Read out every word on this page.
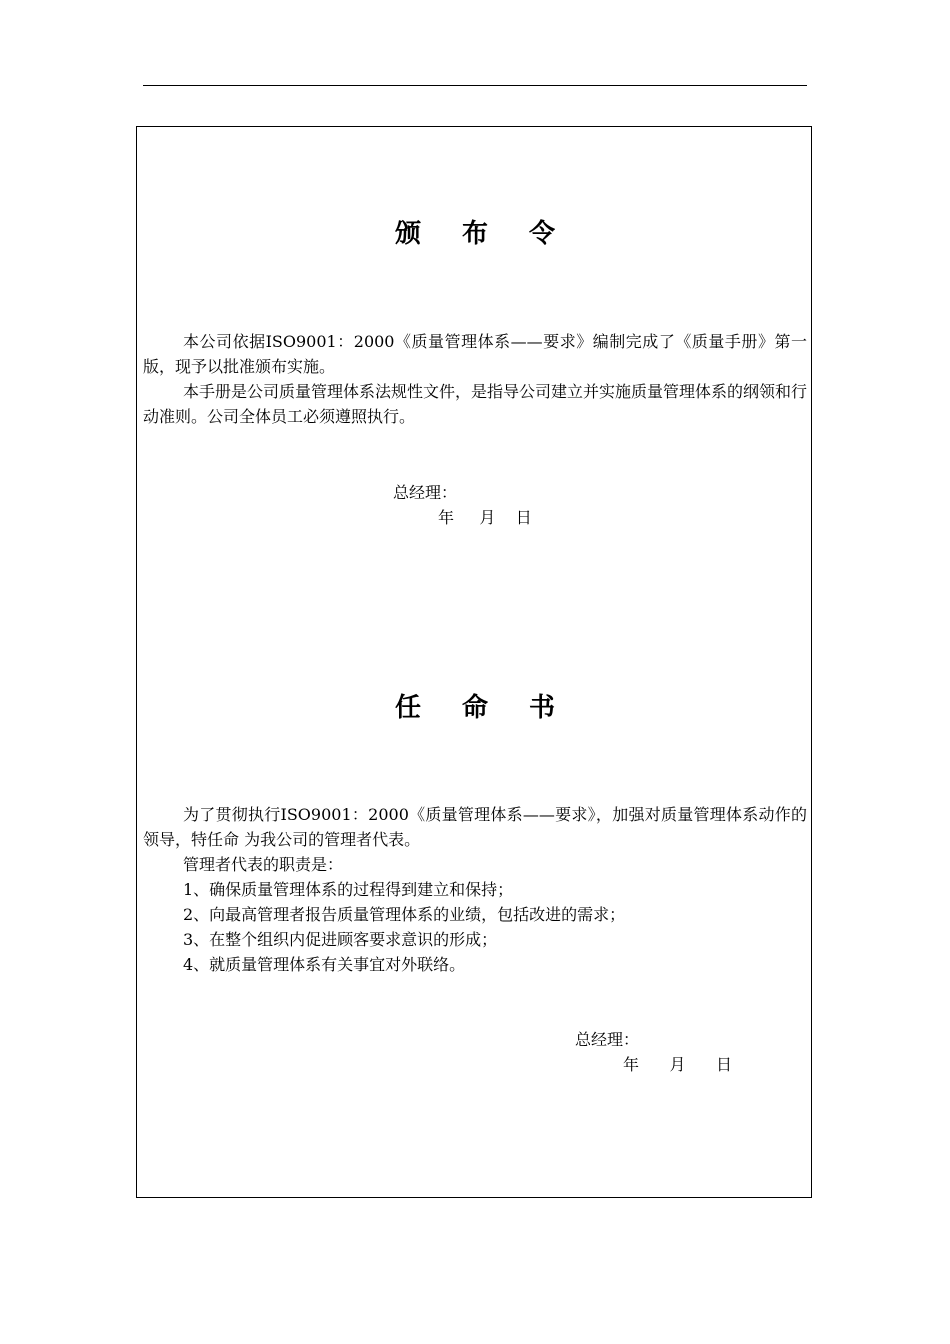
颁 布 令
本公司依据ISO9001：2000《质量管理体系——要求》编制完成了《质量手册》第一版，现予以批准颁布实施。
本手册是公司质量管理体系法规性文件，是指导公司建立并实施质量管理体系的纲领和行动准则。公司全体员工必须遵照执行。
总经理：
年     月    日
任 命 书
为了贯彻执行ISO9001：2000《质量管理体系——要求》，加强对质量管理体系动作的领导，特任命 为我公司的管理者代表。
管理者代表的职责是：
1、确保质量管理体系的过程得到建立和保持；
2、向最高管理者报告质量管理体系的业绩，包括改进的需求；
3、在整个组织内促进顾客要求意识的形成；
4、就质量管理体系有关事宜对外联络。
总经理：
年      月      日
